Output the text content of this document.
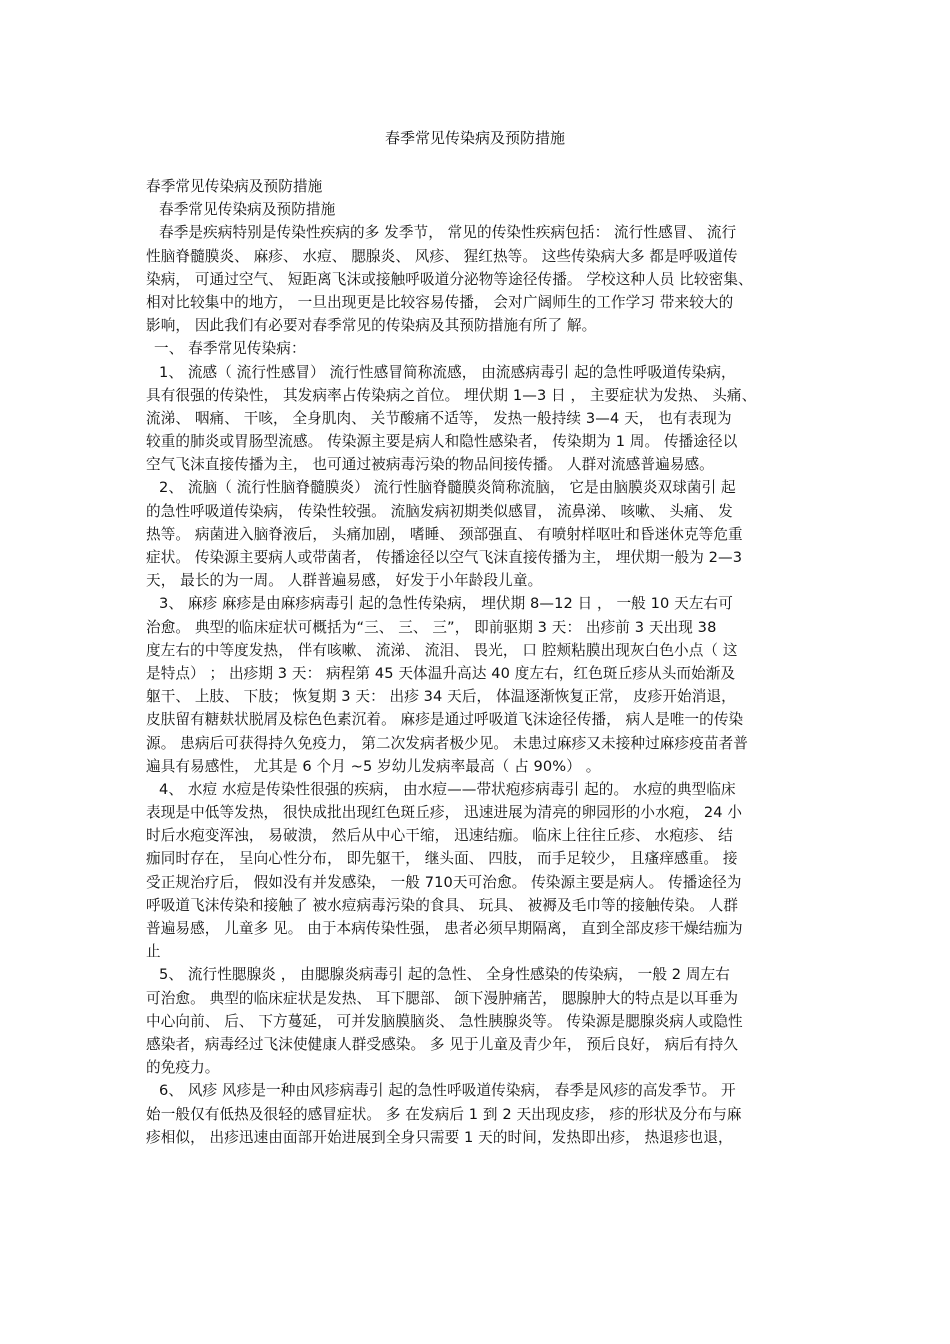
春季常见传染病及预防措施
春季常见传染病及预防措施
春季常见传染病及预防措施
春季是疾病特别是传染性疾病的多 发季节， 常见的传染性疾病包括： 流行性感冒、 流行
性脑脊髓膜炎、 麻疹、 水痘、 腮腺炎、 风疹、 猩红热等。 这些传染病大多 都是呼吸道传
染病， 可通过空气、 短距离飞沫或接触呼吸道分泌物等途径传播。 学校这种人员 比较密集、
相对比较集中的地方， 一旦出现更是比较容易传播， 会对广阔师生的工作学习 带来较大的
影响， 因此我们有必要对春季常见的传染病及其预防措施有所了 解。
一、 春季常见传染病：
1、 流感（ 流行性感冒） 流行性感冒简称流感， 由流感病毒引 起的急性呼吸道传染病，
具有很强的传染性， 其发病率占传染病之首位。 埋伏期 1—3 日 ， 主要症状为发热、 头痛、
流涕、 咽痛、 干咳， 全身肌肉、 关节酸痛不适等， 发热一般持续 3—4 天， 也有表现为
较重的肺炎或胃肠型流感。 传染源主要是病人和隐性感染者， 传染期为 1 周。 传播途径以
空气飞沫直接传播为主， 也可通过被病毒污染的物品间接传播。 人群对流感普遍易感。
2、 流脑（ 流行性脑脊髓膜炎） 流行性脑脊髓膜炎简称流脑， 它是由脑膜炎双球菌引 起
的急性呼吸道传染病， 传染性较强。 流脑发病初期类似感冒， 流鼻涕、 咳嗽、 头痛、 发
热等。 病菌进入脑脊液后， 头痛加剧， 嗜睡、 颈部强直、 有喷射样呕吐和昏迷休克等危重
症状。 传染源主要病人或带菌者， 传播途径以空气飞沫直接传播为主， 埋伏期一般为 2—3
天， 最长的为一周。 人群普遍易感， 好发于小年龄段儿童。
3、 麻疹 麻疹是由麻疹病毒引 起的急性传染病， 埋伏期 8—12 日 ， 一般 10 天左右可
治愈。 典型的临床症状可概括为“三、 三、 三”， 即前驱期 3 天： 出疹前 3 天出现 38
度左右的中等度发热， 伴有咳嗽、 流涕、 流泪、 畏光， 口 腔颊粘膜出现灰白色小点（ 这
是特点） ； 出疹期 3 天： 病程第 45 天体温升高达 40 度左右，红色斑丘疹从头而始渐及
躯干、 上肢、 下肢； 恢复期 3 天： 出疹 34 天后， 体温逐渐恢复正常， 皮疹开始消退，
皮肤留有糖麸状脱屑及棕色色素沉着。 麻疹是通过呼吸道飞沫途径传播， 病人是唯一的传染
源。 患病后可获得持久免疫力， 第二次发病者极少见。 未患过麻疹又未接种过麻疹疫苗者普
遍具有易感性， 尤其是 6 个月 ~5 岁幼儿发病率最高（ 占 90%） 。
4、 水痘 水痘是传染性很强的疾病， 由水痘——带状疱疹病毒引 起的。 水痘的典型临床
表现是中低等发热， 很快成批出现红色斑丘疹， 迅速进展为清亮的卵园形的小水疱， 24 小
时后水疱变浑浊， 易破溃， 然后从中心干缩， 迅速结痂。 临床上往往丘疹、 水疱疹、 结
痂同时存在， 呈向心性分布， 即先躯干， 继头面、 四肢， 而手足较少， 且瘙痒感重。 接
受正规治疗后， 假如没有并发感染， 一般 710天可治愈。 传染源主要是病人。 传播途径为
呼吸道飞沫传染和接触了 被水痘病毒污染的食具、 玩具、 被褥及毛巾等的接触传染。 人群
普遍易感， 儿童多 见。 由于本病传染性强， 患者必须早期隔离， 直到全部皮疹干燥结痂为
止
5、 流行性腮腺炎 ， 由腮腺炎病毒引 起的急性、 全身性感染的传染病， 一般 2 周左右
可治愈。 典型的临床症状是发热、 耳下腮部、 颌下漫肿痛苦， 腮腺肿大的特点是以耳垂为
中心向前、 后、 下方蔓延， 可并发脑膜脑炎、 急性胰腺炎等。 传染源是腮腺炎病人或隐性
感染者，病毒经过飞沫使健康人群受感染。 多 见于儿童及青少年， 预后良好， 病后有持久
的免疫力。
6、 风疹 风疹是一种由风疹病毒引 起的急性呼吸道传染病， 春季是风疹的高发季节。 开
始一般仅有低热及很轻的感冒症状。 多 在发病后 1 到 2 天出现皮疹， 疹的形状及分布与麻
疹相似， 出疹迅速由面部开始进展到全身只需要 1 天的时间，发热即出疹， 热退疹也退，
